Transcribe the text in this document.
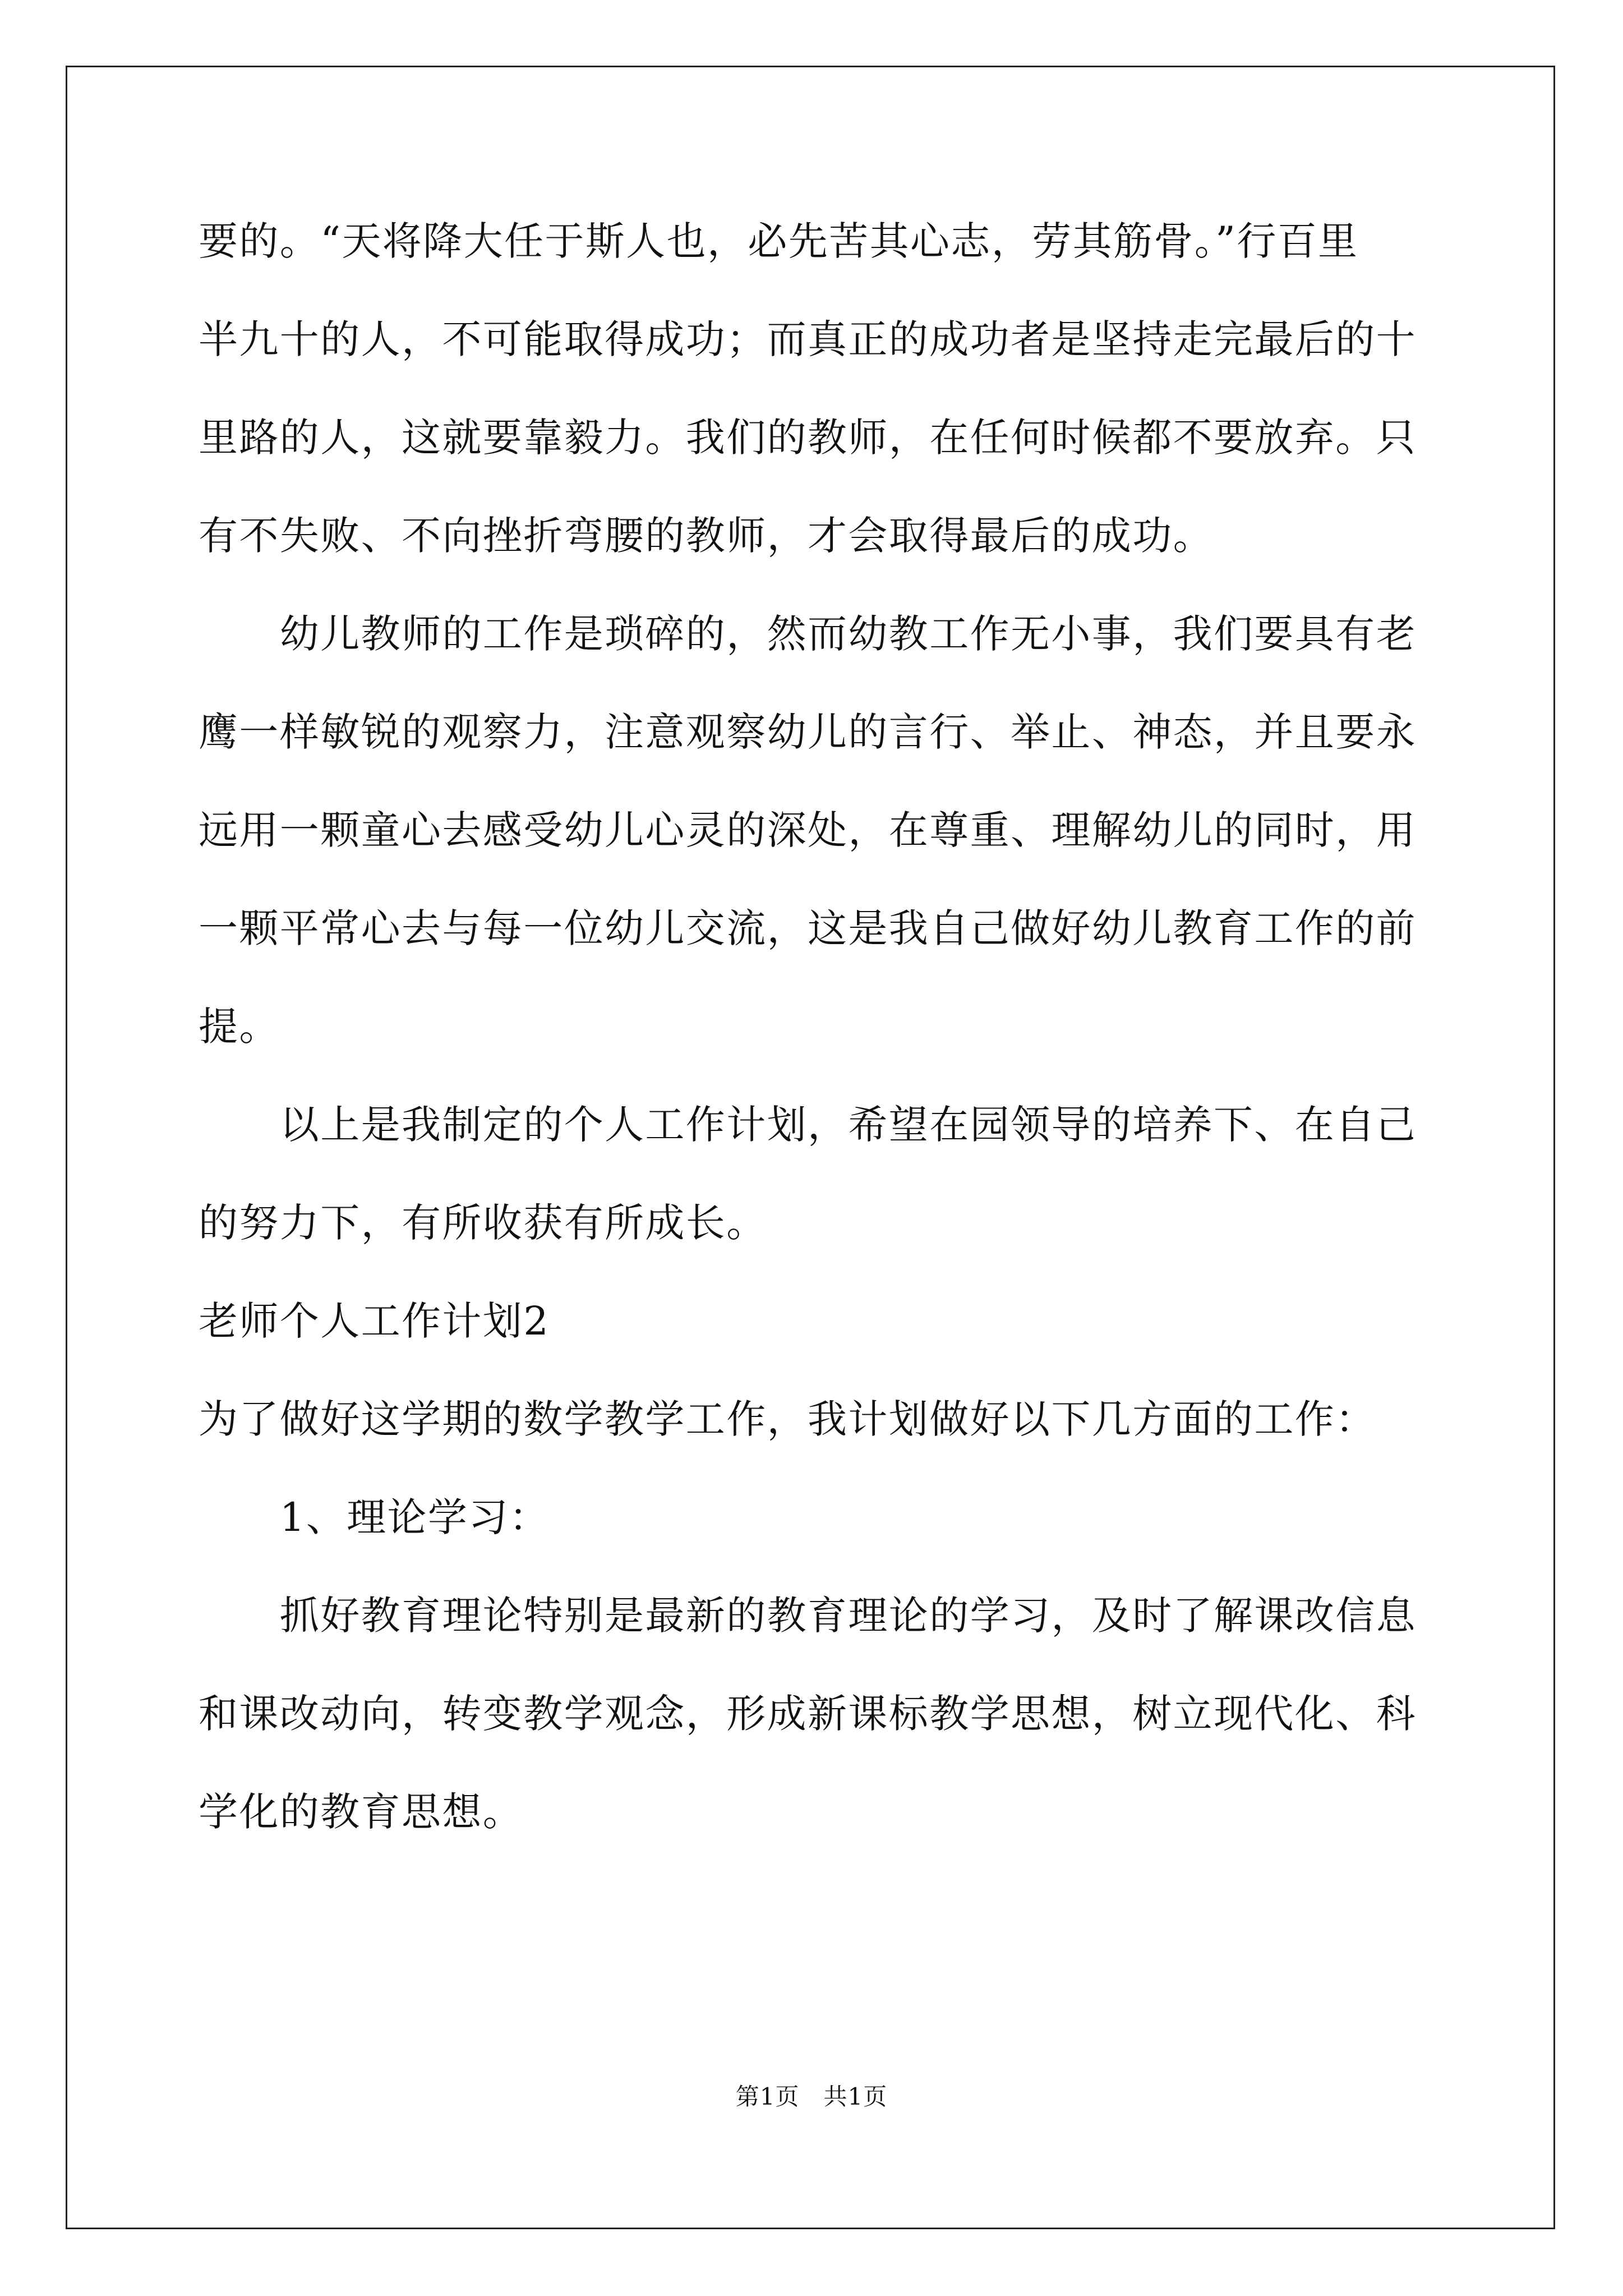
要的。“天将降大任于斯人也，必先苦其心志，劳其筋骨。”行百里
半九十的人，不可能取得成功；而真正的成功者是坚持走完最后的十
里路的人，这就要靠毅力。我们的教师，在任何时候都不要放弃。只
有不失败、不向挫折弯腰的教师，才会取得最后的成功。
　　幼儿教师的工作是琐碎的，然而幼教工作无小事，我们要具有老
鹰一样敏锐的观察力，注意观察幼儿的言行、举止、神态，并且要永
远用一颗童心去感受幼儿心灵的深处，在尊重、理解幼儿的同时，用
一颗平常心去与每一位幼儿交流，这是我自己做好幼儿教育工作的前
提。
　　以上是我制定的个人工作计划，希望在园领导的培养下、在自己
的努力下，有所收获有所成长。
老师个人工作计划2
为了做好这学期的数学教学工作，我计划做好以下几方面的工作：
　　1、理论学习：
　　抓好教育理论特别是最新的教育理论的学习，及时了解课改信息
和课改动向，转变教学观念，形成新课标教学思想，树立现代化、科
学化的教育思想。
第1页　共1页
